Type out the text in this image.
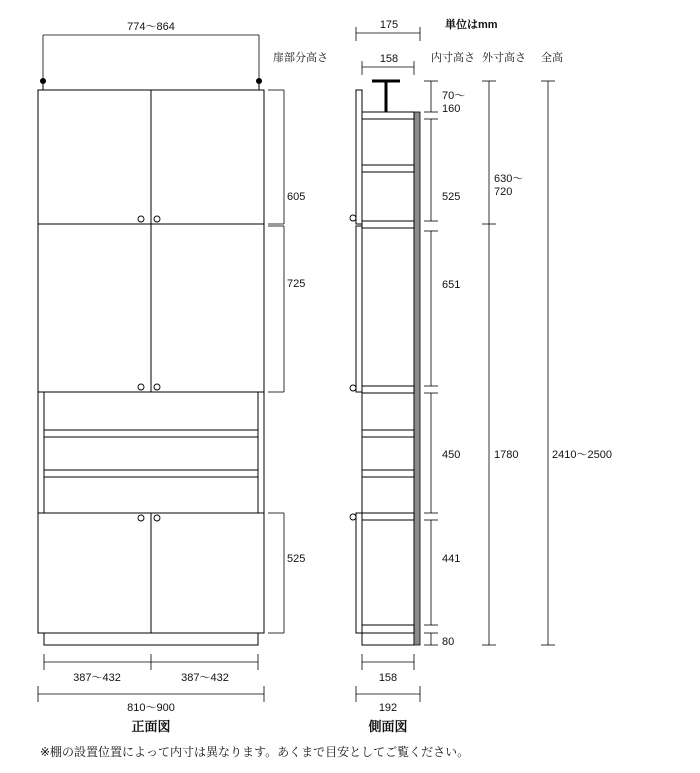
774～864
605
725
525
387～432	387～432
810～900
正面図
175
158
70～
160
525
651
450
441
80
630～
720
1780	2410～2500
158
192
側面図
単位はmm
扉部分高さ	内寸高さ 外寸高さ 全高
※棚の設置位置によって内寸は異なります。あくまで目安としてご覧ください。
